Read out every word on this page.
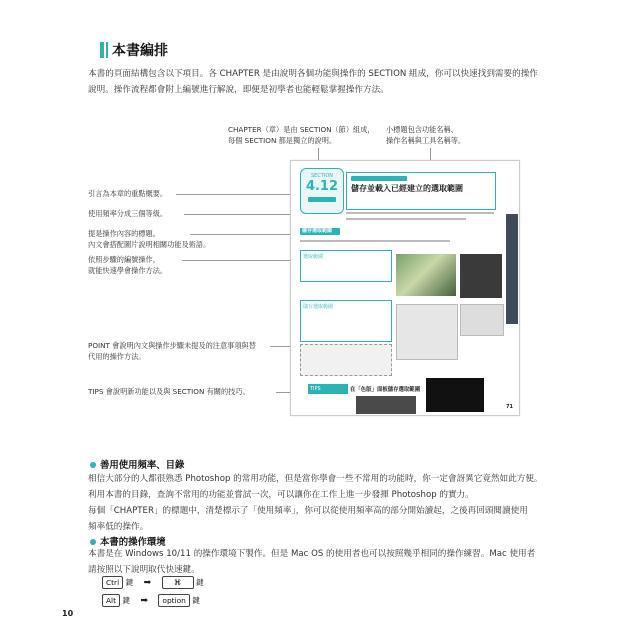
本書編排
本書的頁面結構包含以下項目。各 CHAPTER 是由說明各個功能與操作的 SECTION 組成，你可以快速找到需要的操作
說明。操作流程都會附上編號進行解說，即便是初學者也能輕鬆掌握操作方法。
CHAPTER（章）是由 SECTION（節）組成，
每個 SECTION 都是獨立的說明。
小標題包含功能名稱、
操作名稱與工具名稱等。
引言為本章的重點概要。
使用頻率分成三個等級。
提是操作內容的標題。
內文會搭配圖片說明相關功能及術語。
依照步驟的編號操作，
就能快速學會操作方法。
POINT 會說明內文與操作步驟未提及的注意事項與替
代用的操作方法。
TIPS 會說明新功能以及與 SECTION 有關的技巧。
SECTION
4.12	儲存並載入已經建立的選取範圍
儲存選取範圍
選取範圍
儲存選取範圍
TIPS	在「色版」面板儲存選取範圍
71
善用使用頻率、目錄
相信大部分的人都很熟悉 Photoshop 的常用功能，但是當你學會一些不常用的功能時，你一定會訝異它竟然如此方便。
利用本書的目錄，查詢不常用的功能並嘗試一次，可以讓你在工作上進一步發揮 Photoshop 的實力。
每個「CHAPTER」的標題中，清楚標示了「使用頻率」，你可以從使用頻率高的部分開始讀起，之後再回頭閱讀使用
頻率低的操作。
本書的操作環境
本書是在 Windows 10/11 的操作環境下製作。但是 Mac OS 的使用者也可以按照幾乎相同的操作練習。Mac 使用者
請按照以下說明取代快速鍵。
Ctrl 鍵 ➡	⌘ 鍵
Alt 鍵 ➡ option 鍵
10
